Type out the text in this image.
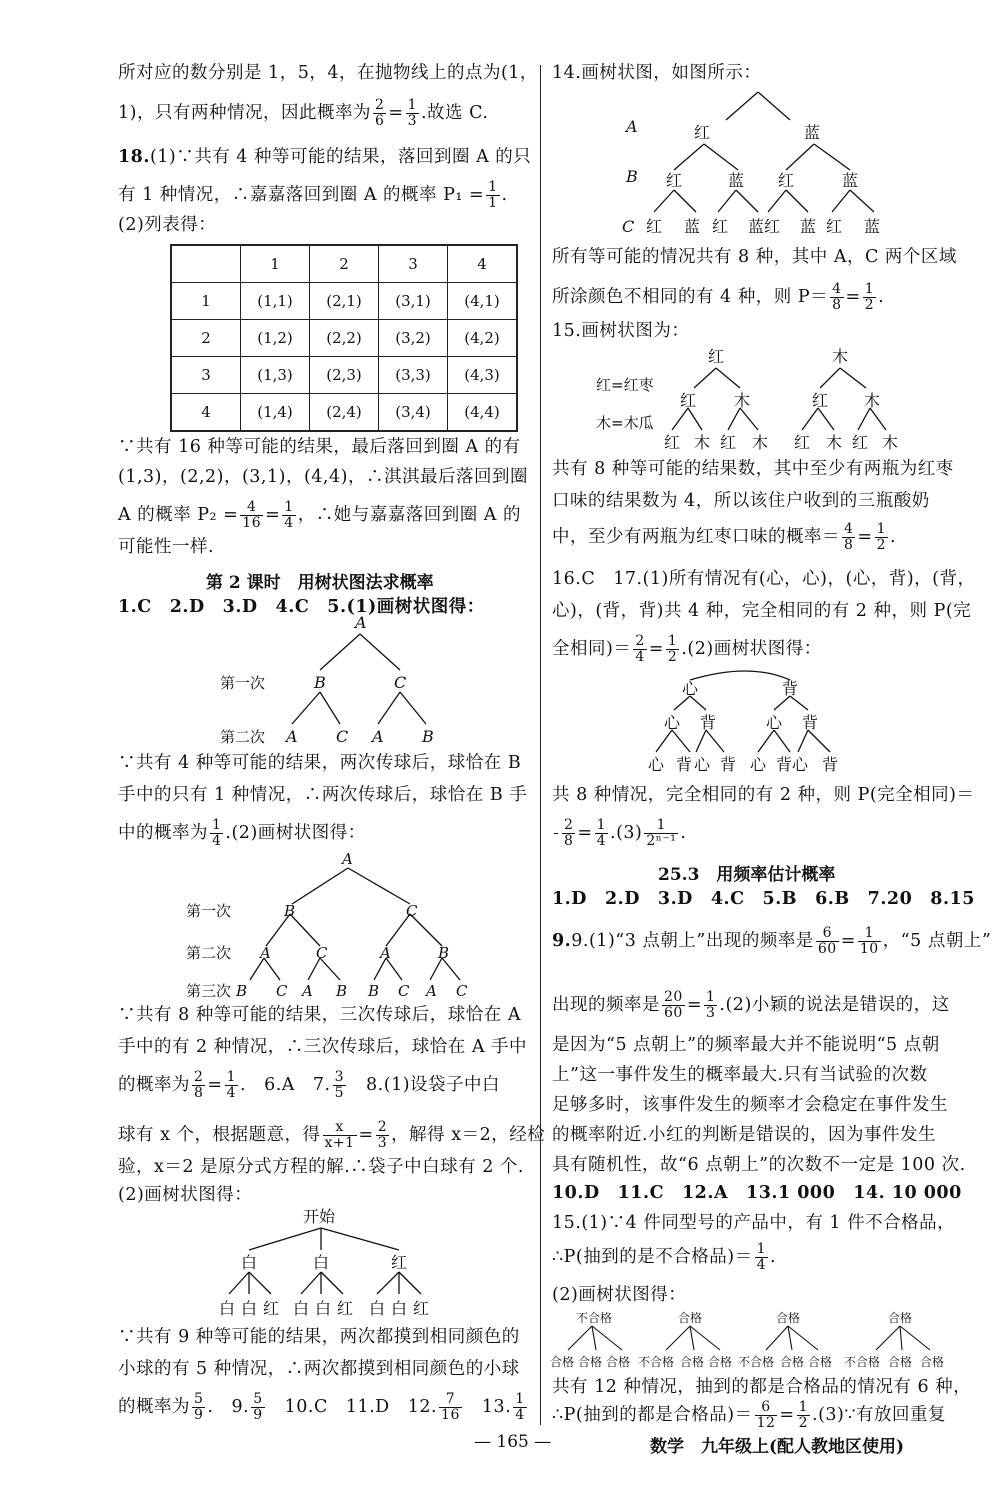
所对应的数分别是 1，5，4，在抛物线上的点为(1，
1)，只有两种情况，因此概率为 $\frac{2}{6} = \frac{1}{3}$ .故选 C.
18.(1)∵共有 4 种等可能的结果，落回到圈 A 的只
有 1 种情况，∴嘉嘉落回到圈 A 的概率 $P_1 = \frac{1}{1}$ .
(2)列表得：
	1	2	3	4
1	(1,1)	(2,1)	(3,1)	(4,1)
2	(1,2)	(2,2)	(3,2)	(4,2)
3	(1,3)	(2,3)	(3,3)	(4,3)
4	(1,4)	(2,4)	(3,4)	(4,4)
∵共有 16 种等可能的结果，最后落回到圈 A 的有
(1,3)，(2,2)，(3,1)，(4,4)，∴淇淇最后落回到圈
A 的概率 $P_2 = \frac{4}{16} = \frac{1}{4}$ ，∴她与嘉嘉落回到圈 A 的
可能性一样.
第 2 课时　用树状图法求概率
1.C　2.D　3.D　4.C　5.(1)画树状图得：
A
B	C
A C A B
第一次
第二次
∵共有 4 种等可能的结果，两次传球后，球恰在 B
手中的只有 1 种情况，∴两次传球后，球恰在 B 手
中的概率为 $\frac{1}{4} .(2)$画树状图得：
A
B	C
A	C	A	B
B C A B B C A C
第一次
第二次
第三次
∵共有 8 种等可能的结果，三次传球后，球恰在 A
手中的有 2 种情况，∴三次传球后，球恰在 A 手中
的概率为 $\frac{2}{8} = \frac{1}{4}$ .　6.A　7. $\frac{3}{5}$ 　8.(1)设袋子中白
球有 x 个，根据题意，得 $\frac{x}{x+1} = \frac{2}{3}$ ，解得 x＝2，经检
验，x＝2 是原分式方程的解.∴袋子中白球有 2 个.
(2)画树状图得：
开始
白	白	红
白 白 红 白 白 红 白 白 红
∵共有 9 种等可能的结果，两次都摸到相同颜色的
小球的有 5 种情况，∴两次都摸到相同颜色的小球
的概率为 $\frac{5}{9}$ .　9. $\frac{5}{9}$ 　10.C　11.D　12. $\frac{7}{16}$ 　13. $\frac{1}{4}$
14.画树状图，如图所示：
红	蓝
红	蓝 红	蓝
红 蓝 红 蓝 红 蓝 红 蓝
A
B
C
所有等可能的情况共有 8 种，其中 A，C 两个区域
所涂颜色不相同的有 4 种，则 $P= \frac{4}{8} = \frac{1}{2}$ .
15.画树状图为：
红	木
红 木	红 木
红 木 红 木 红 木 红 木
红=红枣
木=木瓜
共有 8 种等可能的结果数，其中至少有两瓶为红枣
口味的结果数为 4，所以该住户收到的三瓶酸奶
中，至少有两瓶为红枣口味的概率＝ $\frac{4}{8} = \frac{1}{2}$ .
16.C　17.(1)所有情况有(心，心)，(心，背)，(背，
心)，(背，背)共 4 种，完全相同的有 2 种，则 P(完
全相同)＝ $\frac{2}{4} = \frac{1}{2} .(2)$画树状图得：
心	背
心 背	心 背
心 背 心 背 心 背 心 背
共 8 种情况，完全相同的有 2 种，则 P(完全相同)＝
$\frac{2}{8} = \frac{1}{4} .(3) \frac{1}{\text{2ⁿ⁻¹}}$ .
25.3　用频率估计概率
1.D　2.D　3.D　4.C　5.B　6.B　7.20　8.15
9.9.(1)“3 点朝上”出现的频率是 $\frac{6}{60} = \frac{1}{10}$ ，“5 点朝上”
出现的频率是 $\frac{20}{60} = \frac{1}{3} .(2)$小颖的说法是错误的，这
是因为“5 点朝上”的频率最大并不能说明“5 点朝
上”这一事件发生的概率最大.只有当试验的次数
足够多时，该事件发生的频率才会稳定在事件发生
的概率附近.小红的判断是错误的，因为事件发生
具有随机性，故“6 点朝上”的次数不一定是 100 次.
10.D　11.C　12.A　13.1 000　14. 10 000
15.(1)∵4 件同型号的产品中，有 1 件不合格品，
∴P(抽到的是不合格品)＝ $\frac{1}{4}$ .
(2)画树状图得：
不合格	合格	合格	合格
合格 合格 合格 不合格 合格 合格 不合格 合格 合格 不合格 合格 合格
共有 12 种情况，抽到的都是合格品的情况有 6 种，
∴P(抽到的都是合格品)＝ $\frac{6}{12} = \frac{1}{2}$ .(3)∵有放回重复
— 165 —	数学　九年级上(配人教地区使用)
